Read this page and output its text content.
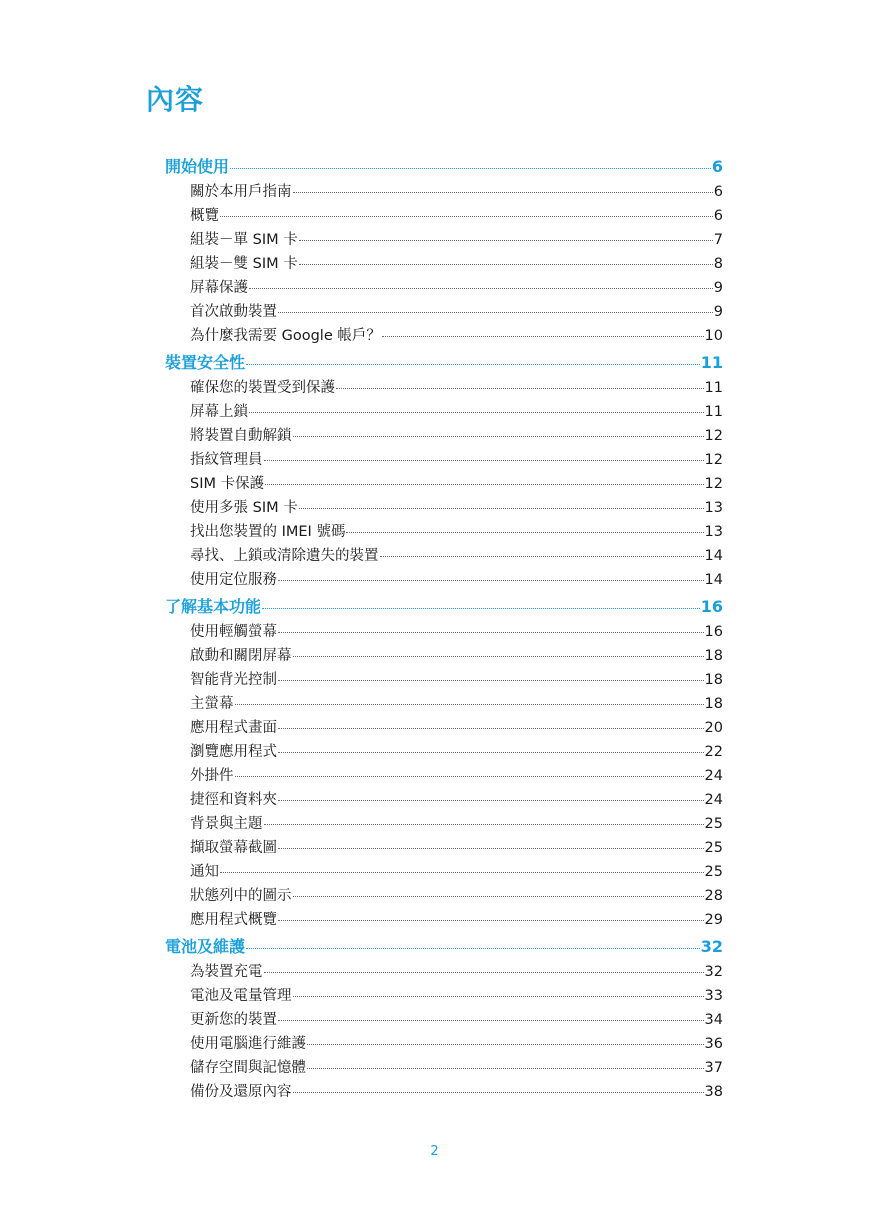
內容
開始使用	6
關於本用戶指南	6
概覽	6
組裝－單 SIM 卡	7
組裝－雙 SIM 卡	8
屏幕保護	9
首次啟動裝置	9
為什麼我需要 Google 帳戶？	10
裝置安全性	11
確保您的裝置受到保護	11
屏幕上鎖	11
將裝置自動解鎖	12
指紋管理員	12
SIM 卡保護	12
使用多張 SIM 卡	13
找出您裝置的 IMEI 號碼	13
尋找、上鎖或清除遺失的裝置	14
使用定位服務	14
了解基本功能	16
使用輕觸螢幕	16
啟動和關閉屏幕	18
智能背光控制	18
主螢幕	18
應用程式畫面	20
瀏覽應用程式	22
外掛件	24
捷徑和資料夾	24
背景與主題	25
擷取螢幕截圖	25
通知	25
狀態列中的圖示	28
應用程式概覽	29
電池及維護	32
為裝置充電	32
電池及電量管理	33
更新您的裝置	34
使用電腦進行維護	36
儲存空間與記憶體	37
備份及還原內容	38
2
